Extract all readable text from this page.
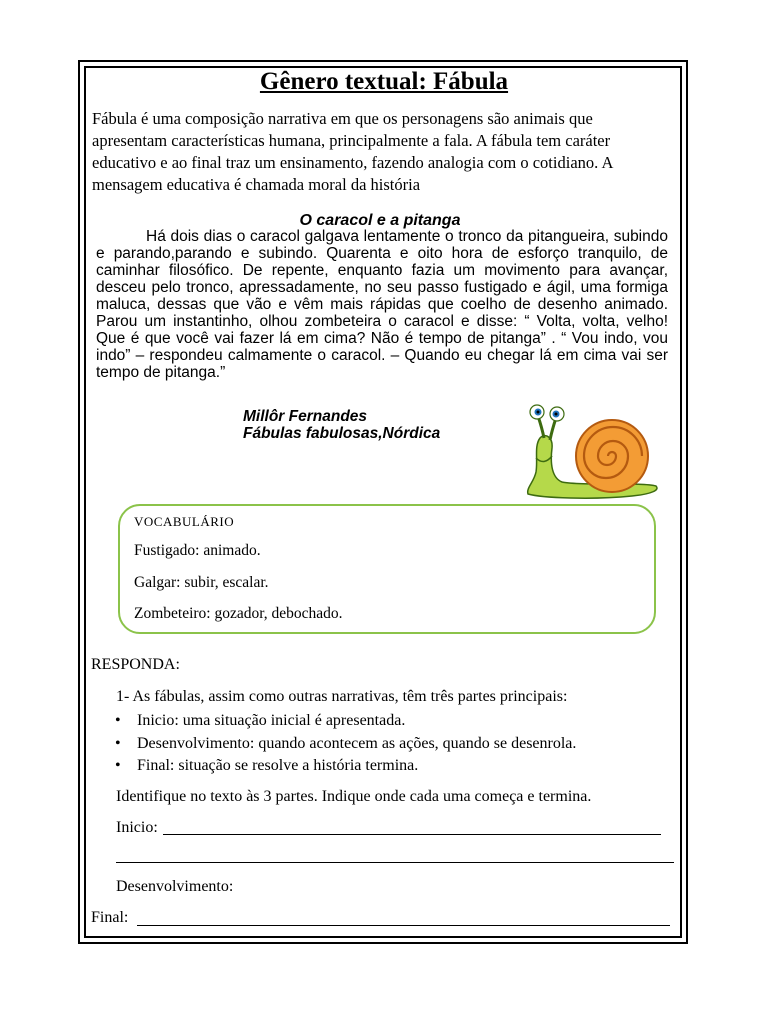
Gênero textual: Fábula
Fábula é uma composição narrativa em que os personagens são animais que apresentam características humana, principalmente a fala. A fábula tem caráter educativo e ao final traz um ensinamento, fazendo analogia com o cotidiano. A mensagem educativa é chamada moral da história
O caracol e a pitanga
Há dois dias o caracol galgava lentamente o tronco da pitangueira, subindo e parando,parando e subindo. Quarenta e oito hora de esforço tranquilo, de caminhar filosófico. De repente, enquanto fazia um movimento para avançar, desceu pelo tronco, apressadamente, no seu passo fustigado e ágil, uma formiga maluca, dessas que vão e vêm mais rápidas que coelho de desenho animado. Parou um instantinho, olhou zombeteira o caracol e disse: “ Volta, volta, velho! Que é que você vai fazer lá em cima? Não é tempo de pitanga” . “ Vou indo, vou indo” – respondeu calmamente o caracol. – Quando eu chegar lá em cima vai ser tempo de pitanga.”
Millôr Fernandes
Fábulas fabulosas,Nórdica
VOCABULÁRIO
Fustigado: animado.
Galgar: subir, escalar.
Zombeteiro: gozador, debochado.
RESPONDA:
1- As fábulas, assim como outras narrativas, têm três partes principais:
• Inicio: uma situação inicial é apresentada.
• Desenvolvimento: quando acontecem as ações, quando se desenrola.
• Final: situação se resolve a história termina.
Identifique no texto às 3 partes. Indique onde cada uma começa e termina.
Inicio:
Desenvolvimento:
Final:
